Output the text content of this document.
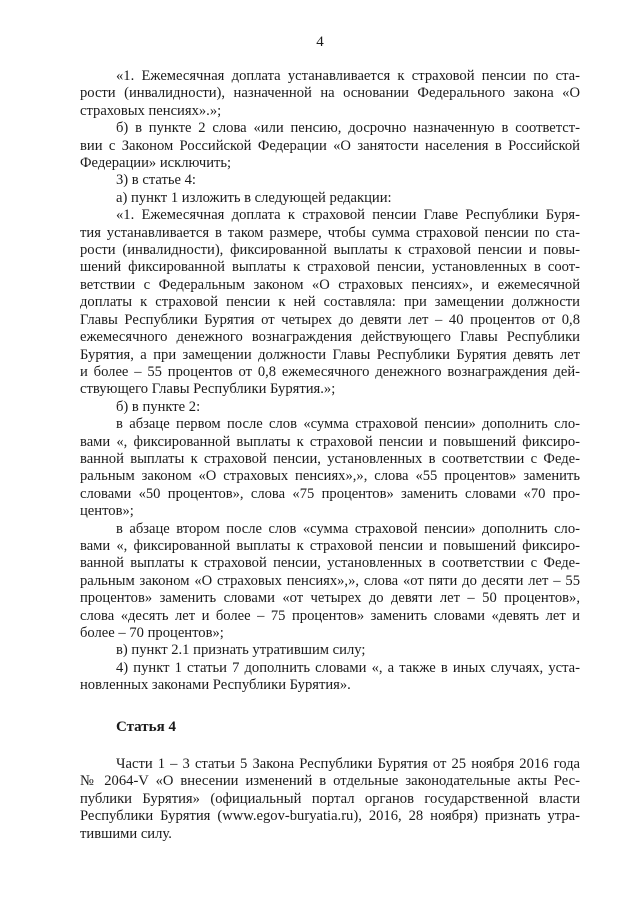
4
«1. Ежемесячная доплата устанавливается к страховой пенсии по ста-
рости (инвалидности), назначенной на основании Федерального закона «О
страховых пенсиях».»;
б) в пункте 2 слова «или пенсию, досрочно назначенную в соответст-
вии с Законом Российской Федерации «О занятости населения в Российской
Федерации» исключить;
3) в статье 4:
а) пункт 1 изложить в следующей редакции:
«1. Ежемесячная доплата к страховой пенсии Главе Республики Буря-
тия устанавливается в таком размере, чтобы сумма страховой пенсии по ста-
рости (инвалидности), фиксированной выплаты к страховой пенсии и повы-
шений фиксированной выплаты к страховой пенсии, установленных в соот-
ветствии с Федеральным законом «О страховых пенсиях», и ежемесячной
доплаты к страховой пенсии к ней составляла: при замещении должности
Главы Республики Бурятия от четырех до девяти лет – 40 процентов от 0,8
ежемесячного денежного вознаграждения действующего Главы Республики
Бурятия, а при замещении должности Главы Республики Бурятия девять лет
и более – 55 процентов от 0,8 ежемесячного денежного вознаграждения дей-
ствующего Главы Республики Бурятия.»;
б) в пункте 2:
в абзаце первом после слов «сумма страховой пенсии» дополнить сло-
вами «, фиксированной выплаты к страховой пенсии и повышений фиксиро-
ванной выплаты к страховой пенсии, установленных в соответствии с Феде-
ральным законом «О страховых пенсиях»,», слова «55 процентов» заменить
словами «50 процентов», слова «75 процентов» заменить словами «70 про-
центов»;
в абзаце втором после слов «сумма страховой пенсии» дополнить сло-
вами «, фиксированной выплаты к страховой пенсии и повышений фиксиро-
ванной выплаты к страховой пенсии, установленных в соответствии с Феде-
ральным законом «О страховых пенсиях»,», слова «от пяти до десяти лет – 55
процентов» заменить словами «от четырех до девяти лет – 50 процентов»,
слова «десять лет и более – 75 процентов» заменить словами «девять лет и
более – 70 процентов»;
в) пункт 2.1 признать утратившим силу;
4) пункт 1 статьи 7 дополнить словами «, а также в иных случаях, уста-
новленных законами Республики Бурятия».
Статья 4
Части 1 – 3 статьи 5 Закона Республики Бурятия от 25 ноября 2016 года
№ 2064-V «О внесении изменений в отдельные законодательные акты Рес-
публики Бурятия» (официальный портал органов государственной власти
Республики Бурятия (www.egov-buryatia.ru), 2016, 28 ноября) признать утра-
тившими силу.
